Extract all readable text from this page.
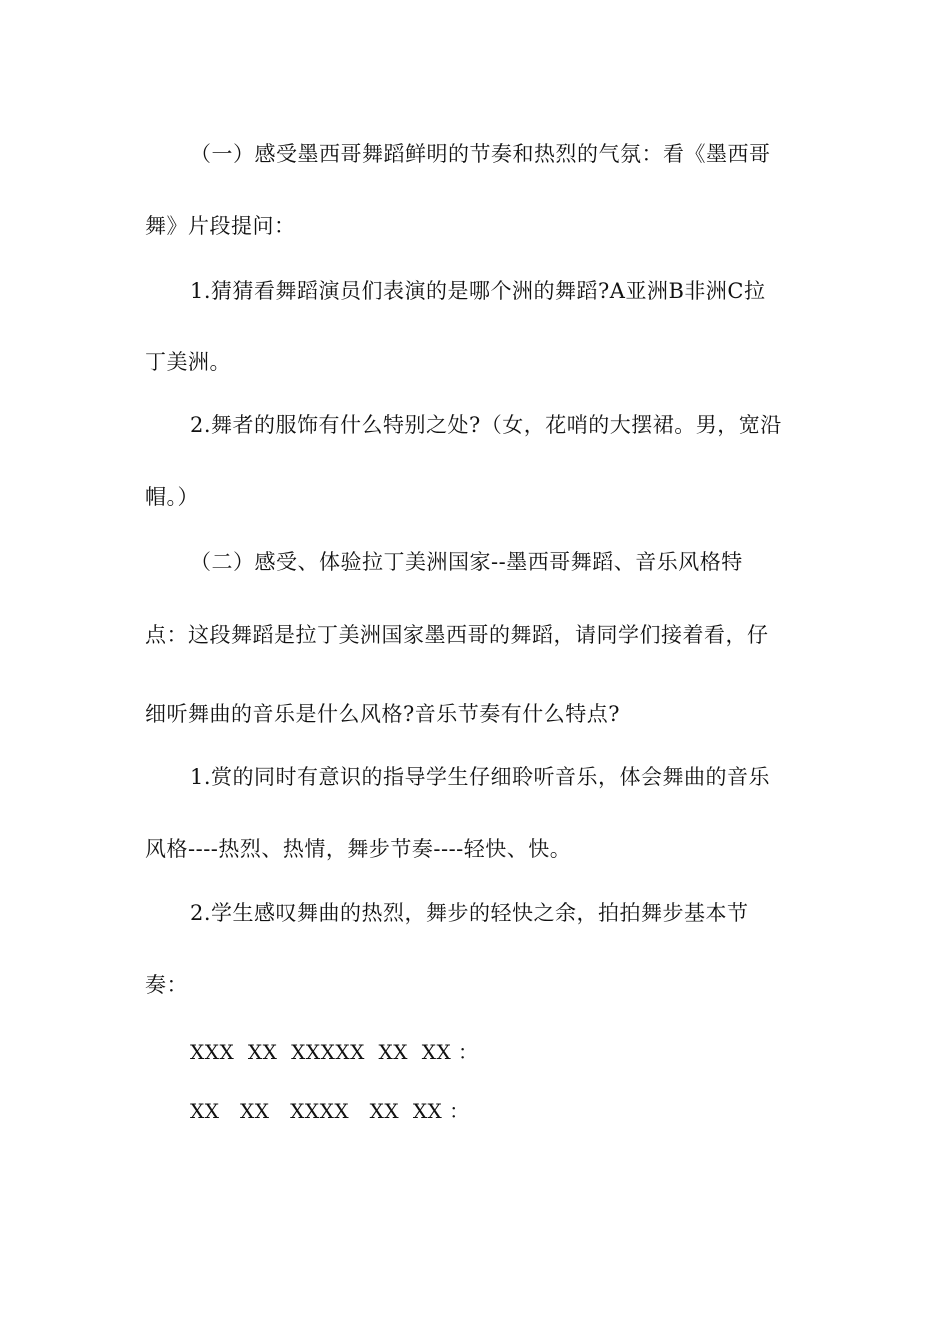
（一）感受墨西哥舞蹈鲜明的节奏和热烈的气氛：看《墨西哥
舞》片段提问：
1.猜猜看舞蹈演员们表演的是哪个洲的舞蹈?A亚洲B非洲C拉
丁美洲。
2.舞者的服饰有什么特别之处?（女，花哨的大摆裙。男，宽沿
帽。）
（二）感受、体验拉丁美洲国家--墨西哥舞蹈、音乐风格特
点：这段舞蹈是拉丁美洲国家墨西哥的舞蹈，请同学们接着看，仔
细听舞曲的音乐是什么风格?音乐节奏有什么特点?
1.赏的同时有意识的指导学生仔细聆听音乐，体会舞曲的音乐
风格----热烈、热情，舞步节奏----轻快、快。
2.学生感叹舞曲的热烈，舞步的轻快之余，拍拍舞步基本节
奏：
XXX  XX  XXXXX  XX  XX ：
XX   XX   XXXX   XX  XX ：
